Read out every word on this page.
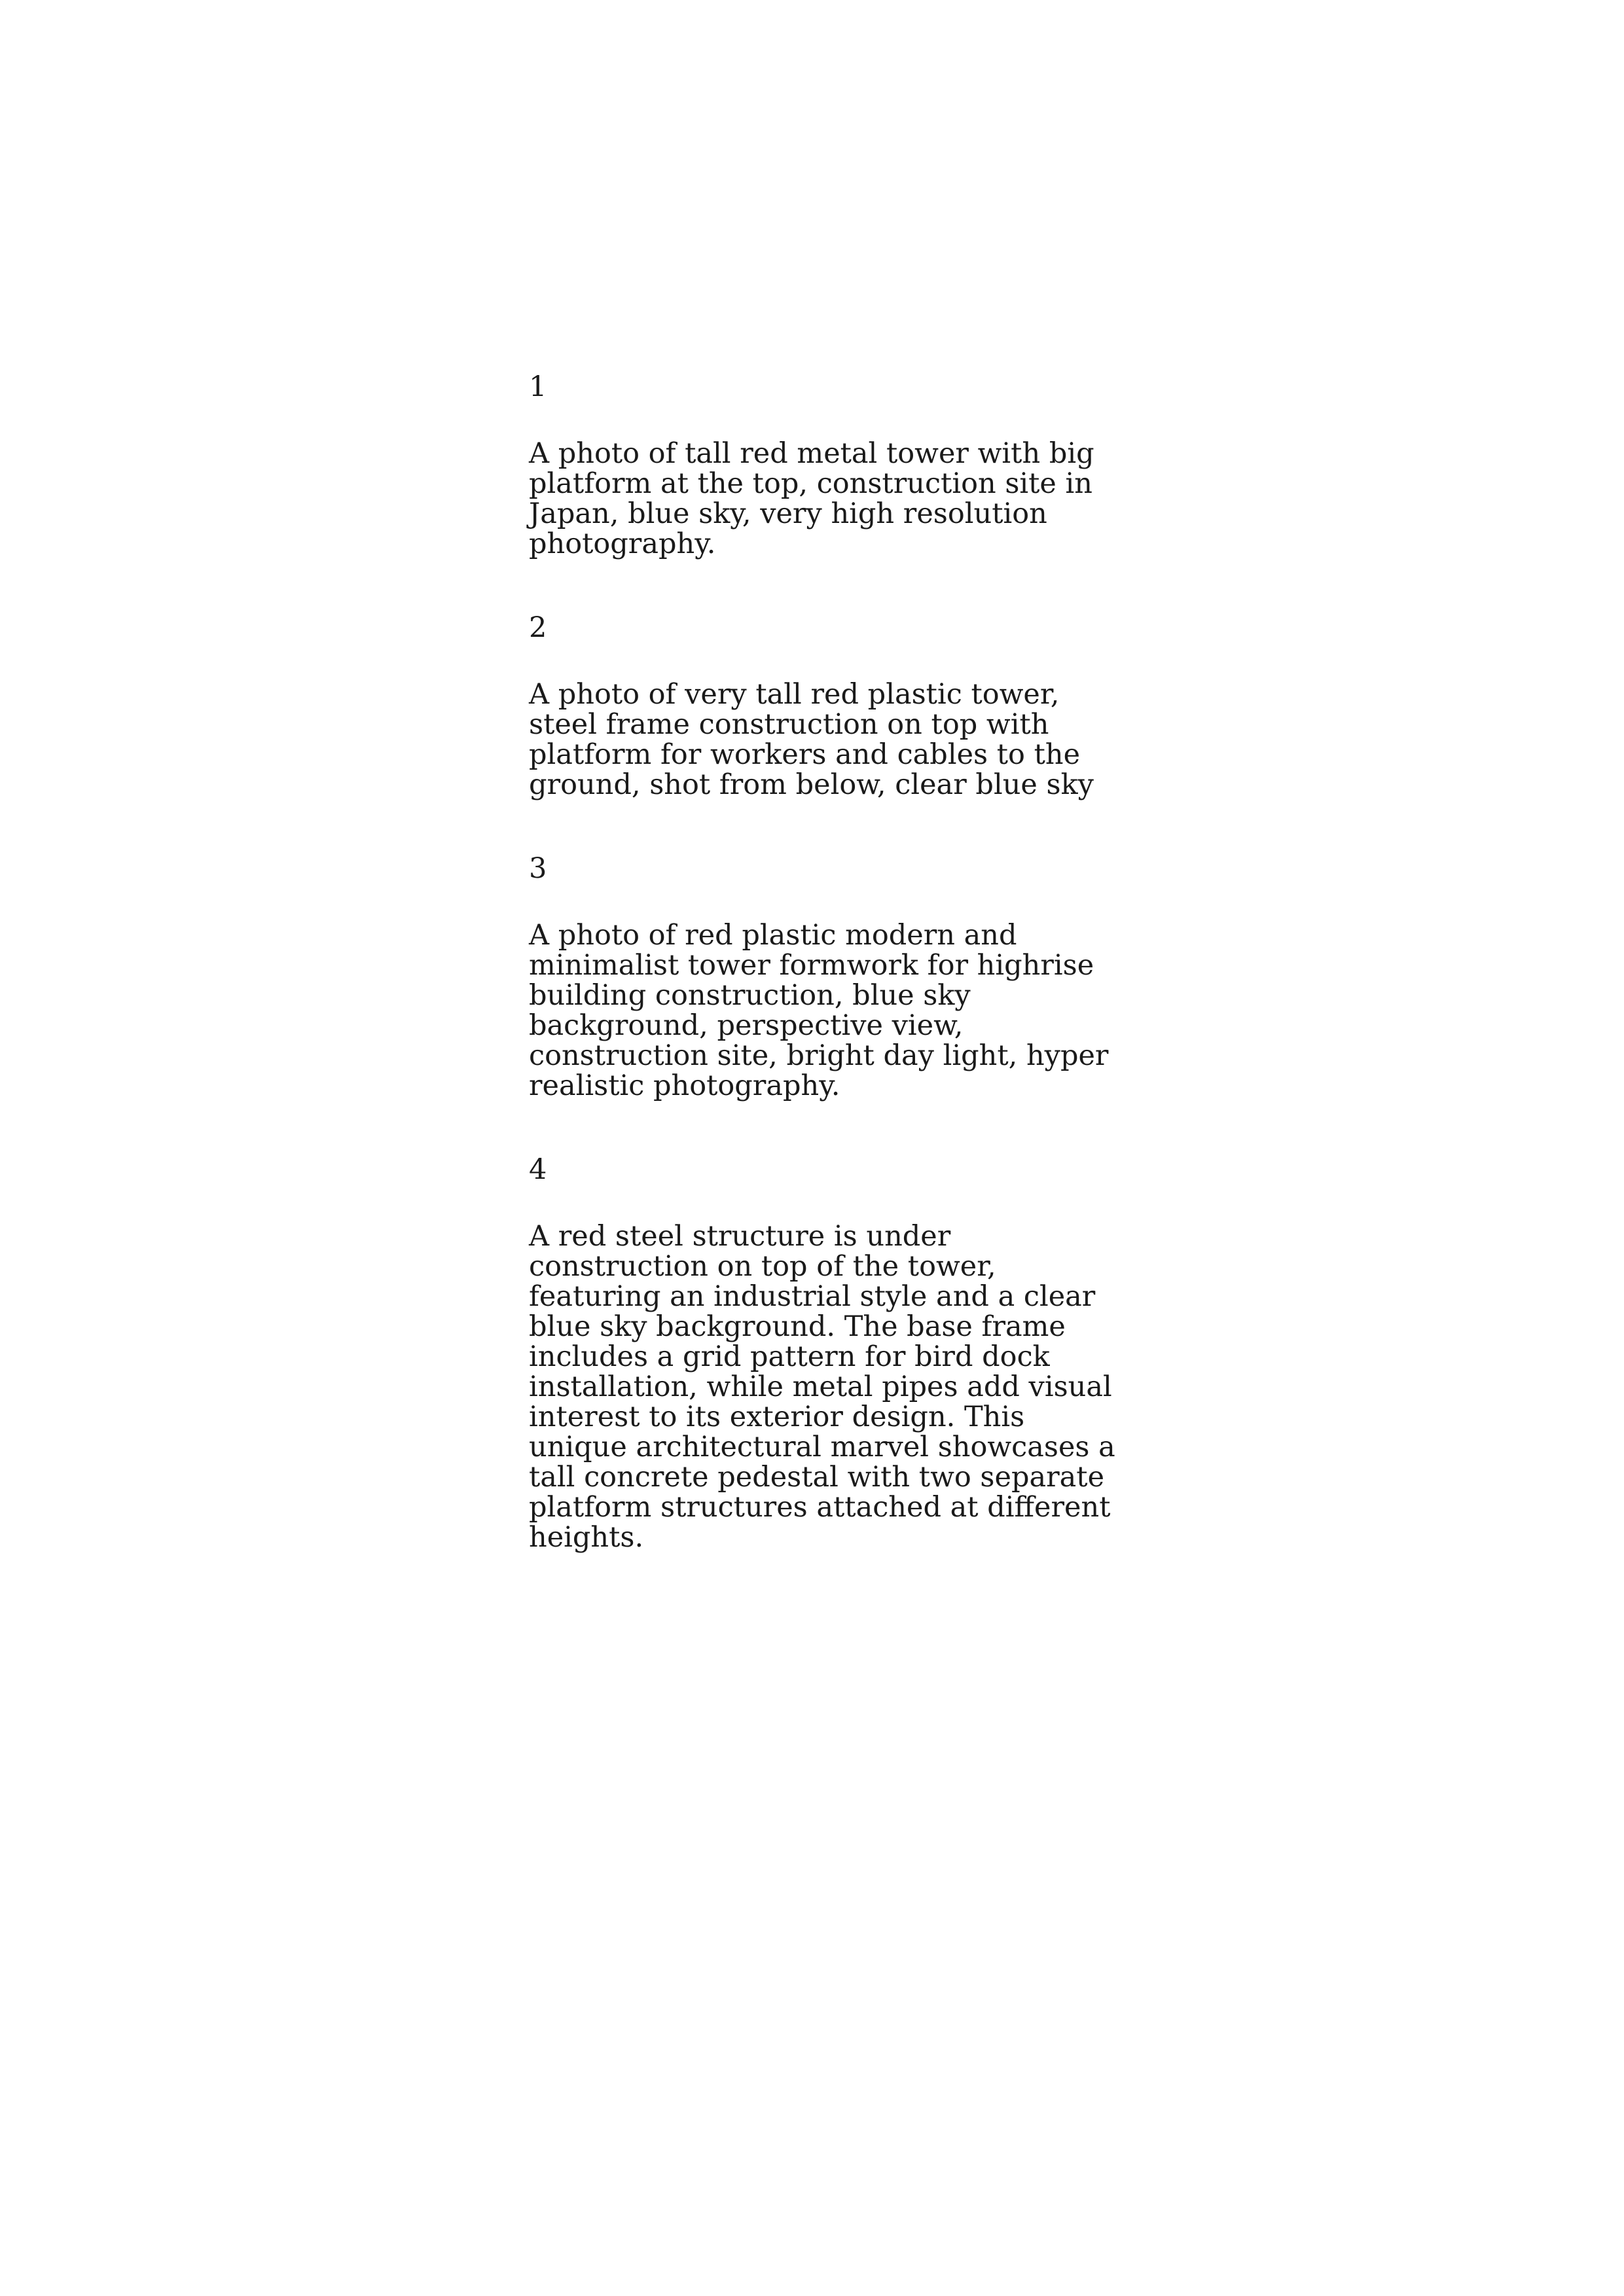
1

A photo of tall red metal tower with big
platform at the top, construction site in
Japan, blue sky, very high resolution
photography.

2

A photo of very tall red plastic tower,
steel frame construction on top with
platform for workers and cables to the
ground, shot from below, clear blue sky

3

A photo of red plastic modern and
minimalist tower formwork for highrise
building construction, blue sky
background, perspective view,
construction site, bright day light, hyper
realistic photography.

4

A red steel structure is under
construction on top of the tower,
featuring an industrial style and a clear
blue sky background. The base frame
includes a grid pattern for bird dock
installation, while metal pipes add visual
interest to its exterior design. This
unique architectural marvel showcases a
tall concrete pedestal with two separate
platform structures attached at different
heights.
